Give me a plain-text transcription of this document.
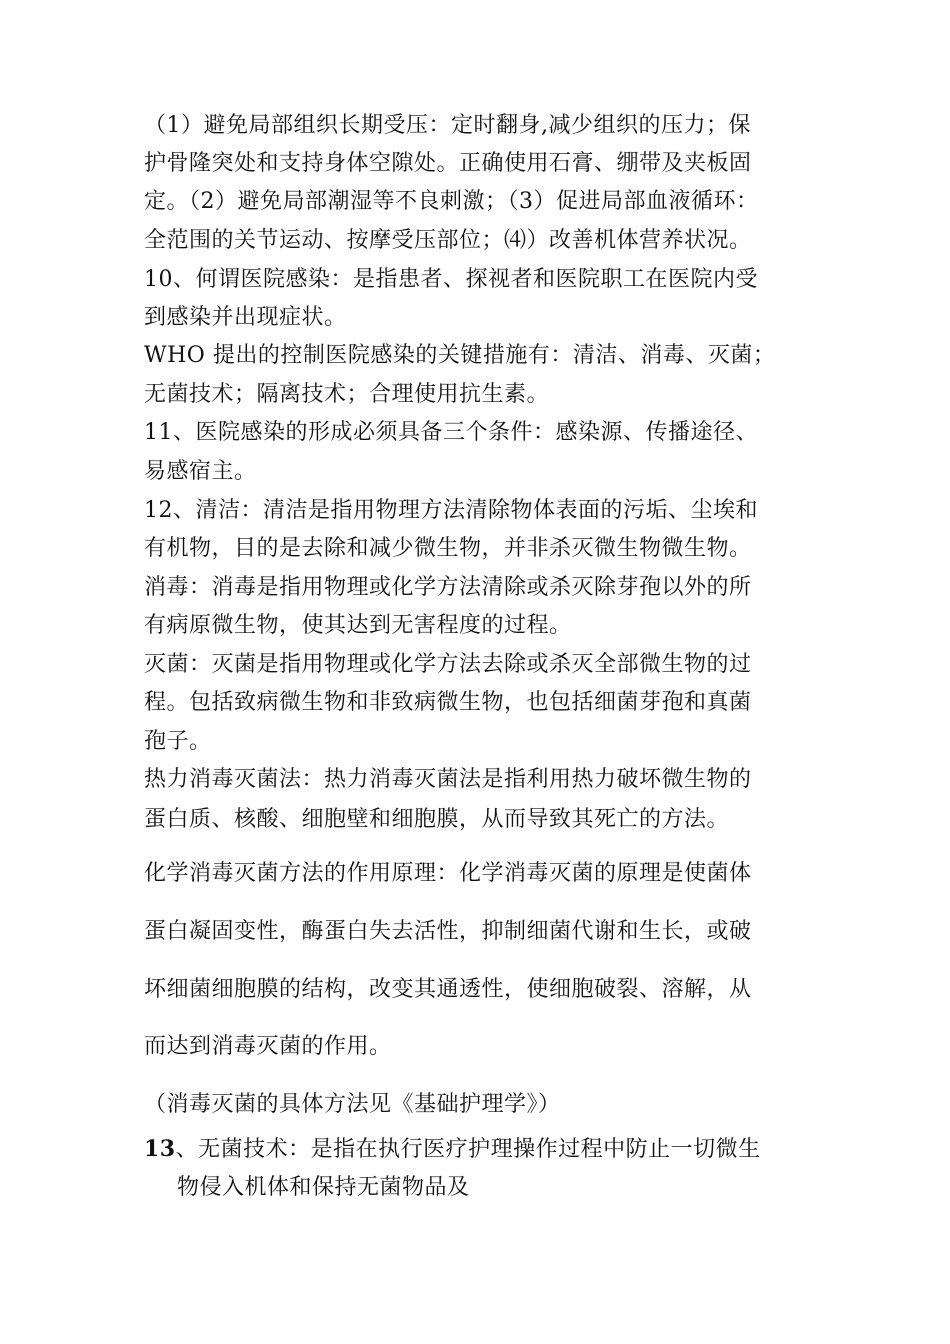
（1）避免局部组织长期受压：定时翻身,减少组织的压力；保
护骨隆突处和支持身体空隙处。正确使用石膏、绷带及夹板固
定。（2）避免局部潮湿等不良刺激；（3）促进局部血液循环：
全范围的关节运动、按摩受压部位；⑷）改善机体营养状况。
10、何谓医院感染：是指患者、探视者和医院职工在医院内受
到感染并出现症状。
WHO 提出的控制医院感染的关键措施有：清洁、消毒、灭菌；
无菌技术；隔离技术；合理使用抗生素。
11、医院感染的形成必须具备三个条件：感染源、传播途径、
易感宿主。
12、清洁：清洁是指用物理方法清除物体表面的污垢、尘埃和
有机物，目的是去除和减少微生物，并非杀灭微生物微生物。
消毒：消毒是指用物理或化学方法清除或杀灭除芽孢以外的所
有病原微生物，使其达到无害程度的过程。
灭菌：灭菌是指用物理或化学方法去除或杀灭全部微生物的过
程。包括致病微生物和非致病微生物，也包括细菌芽孢和真菌
孢子。
热力消毒灭菌法：热力消毒灭菌法是指利用热力破坏微生物的
蛋白质、核酸、细胞壁和细胞膜，从而导致其死亡的方法。
化学消毒灭菌方法的作用原理：化学消毒灭菌的原理是使菌体
蛋白凝固变性，酶蛋白失去活性，抑制细菌代谢和生长，或破
坏细菌细胞膜的结构，改变其通透性，使细胞破裂、溶解，从
而达到消毒灭菌的作用。
（消毒灭菌的具体方法见《基础护理学》）
13、无菌技术：是指在执行医疗护理操作过程中防止一切微生
物侵入机体和保持无菌物品及
